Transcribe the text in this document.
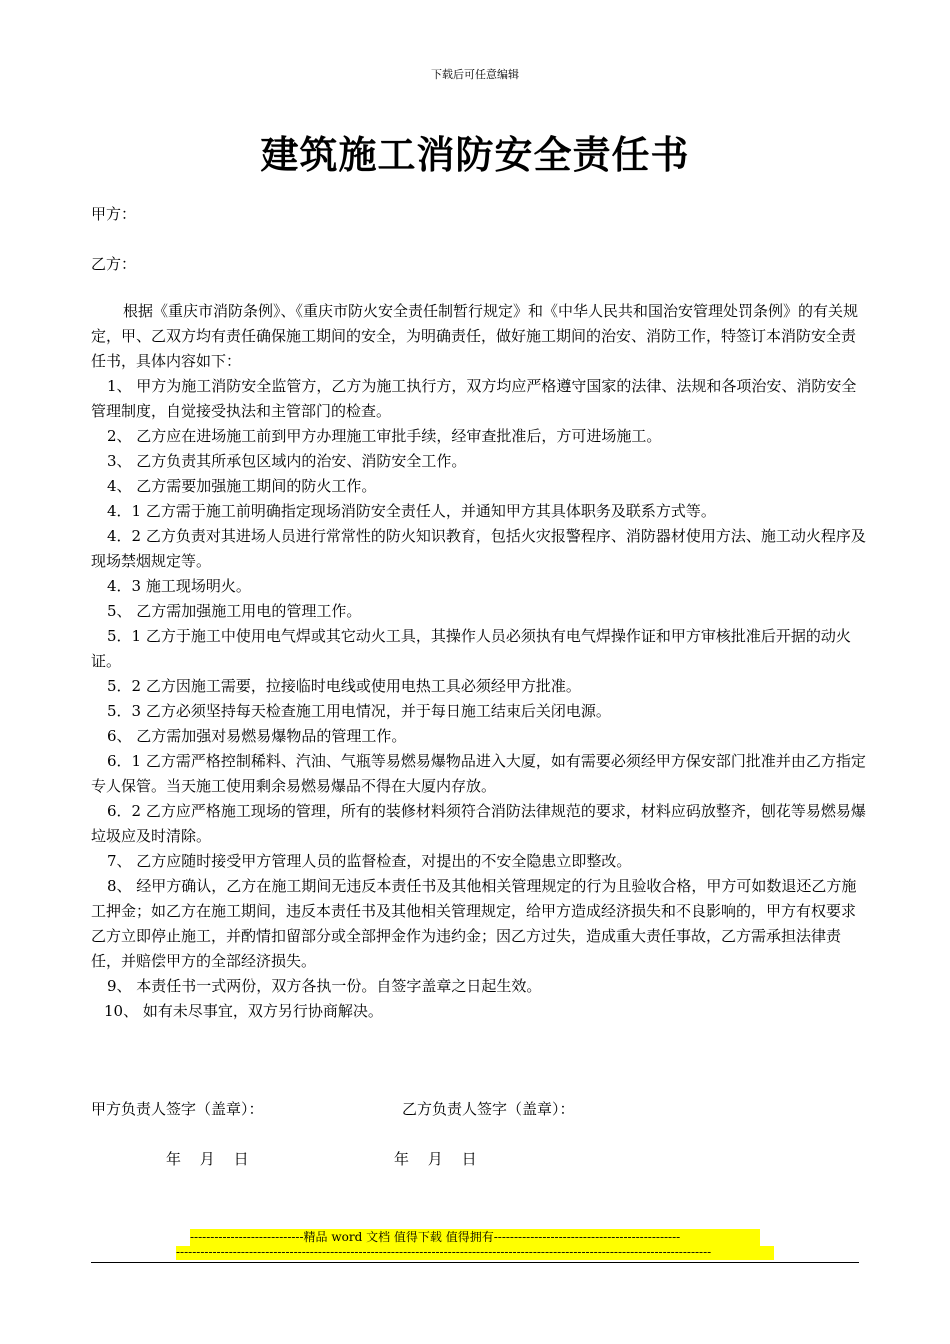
下载后可任意编辑
建筑施工消防安全责任书
甲方：
乙方：

根据《重庆市消防条例》、《重庆市防火安全责任制暂行规定》和《中华人民共和国治安管理处罚条例》的有关规定，甲、乙双方均有责任确保施工期间的安全，为明确责任，做好施工期间的治安、消防工作，特签订本消防安全责任书，具体内容如下：

1、 甲方为施工消防安全监管方，乙方为施工执行方，双方均应严格遵守国家的法律、法规和各项治安、消防安全管理制度，自觉接受执法和主管部门的检查。

2、 乙方应在进场施工前到甲方办理施工审批手续，经审查批准后，方可进场施工。

3、 乙方负责其所承包区域内的治安、消防安全工作。

4、 乙方需要加强施工期间的防火工作。

4．1 乙方需于施工前明确指定现场消防安全责任人，并通知甲方其具体职务及联系方式等。

4．2 乙方负责对其进场人员进行常常性的防火知识教育，包括火灾报警程序、消防器材使用方法、施工动火程序及现场禁烟规定等。

4．3 施工现场明火。

5、 乙方需加强施工用电的管理工作。

5．1 乙方于施工中使用电气焊或其它动火工具，其操作人员必须执有电气焊操作证和甲方审核批准后开据的动火证。

5．2 乙方因施工需要，拉接临时电线或使用电热工具必须经甲方批准。

5．3 乙方必须坚持每天检查施工用电情况，并于每日施工结束后关闭电源。

6、 乙方需加强对易燃易爆物品的管理工作。

6．1 乙方需严格控制稀料、汽油、气瓶等易燃易爆物品进入大厦，如有需要必须经甲方保安部门批准并由乙方指定专人保管。当天施工使用剩余易燃易爆品不得在大厦内存放。

6．2 乙方应严格施工现场的管理，所有的装修材料须符合消防法律规范的要求，材料应码放整齐，刨花等易燃易爆垃圾应及时清除。

7、 乙方应随时接受甲方管理人员的监督检查，对提出的不安全隐患立即整改。

8、 经甲方确认，乙方在施工期间无违反本责任书及其他相关管理规定的行为且验收合格，甲方可如数退还乙方施工押金；如乙方在施工期间，违反本责任书及其他相关管理规定，给甲方造成经济损失和不良影响的，甲方有权要求乙方立即停止施工，并酌情扣留部分或全部押金作为违约金；因乙方过失，造成重大责任事故，乙方需承担法律责任，并赔偿甲方的全部经济损失。

9、 本责任书一式两份，双方各执一份。自签字盖章之日起生效。

10、 如有未尽事宜，双方另行协商解决。

甲方负责人签字（盖章）：	乙方负责人签字（盖章）：
年 月 日	年 月 日
----------------------------精品 word 文档 值得下载 值得拥有----------------------------------------------
------------------------------------------------------------------------------------------------------------------------------------
